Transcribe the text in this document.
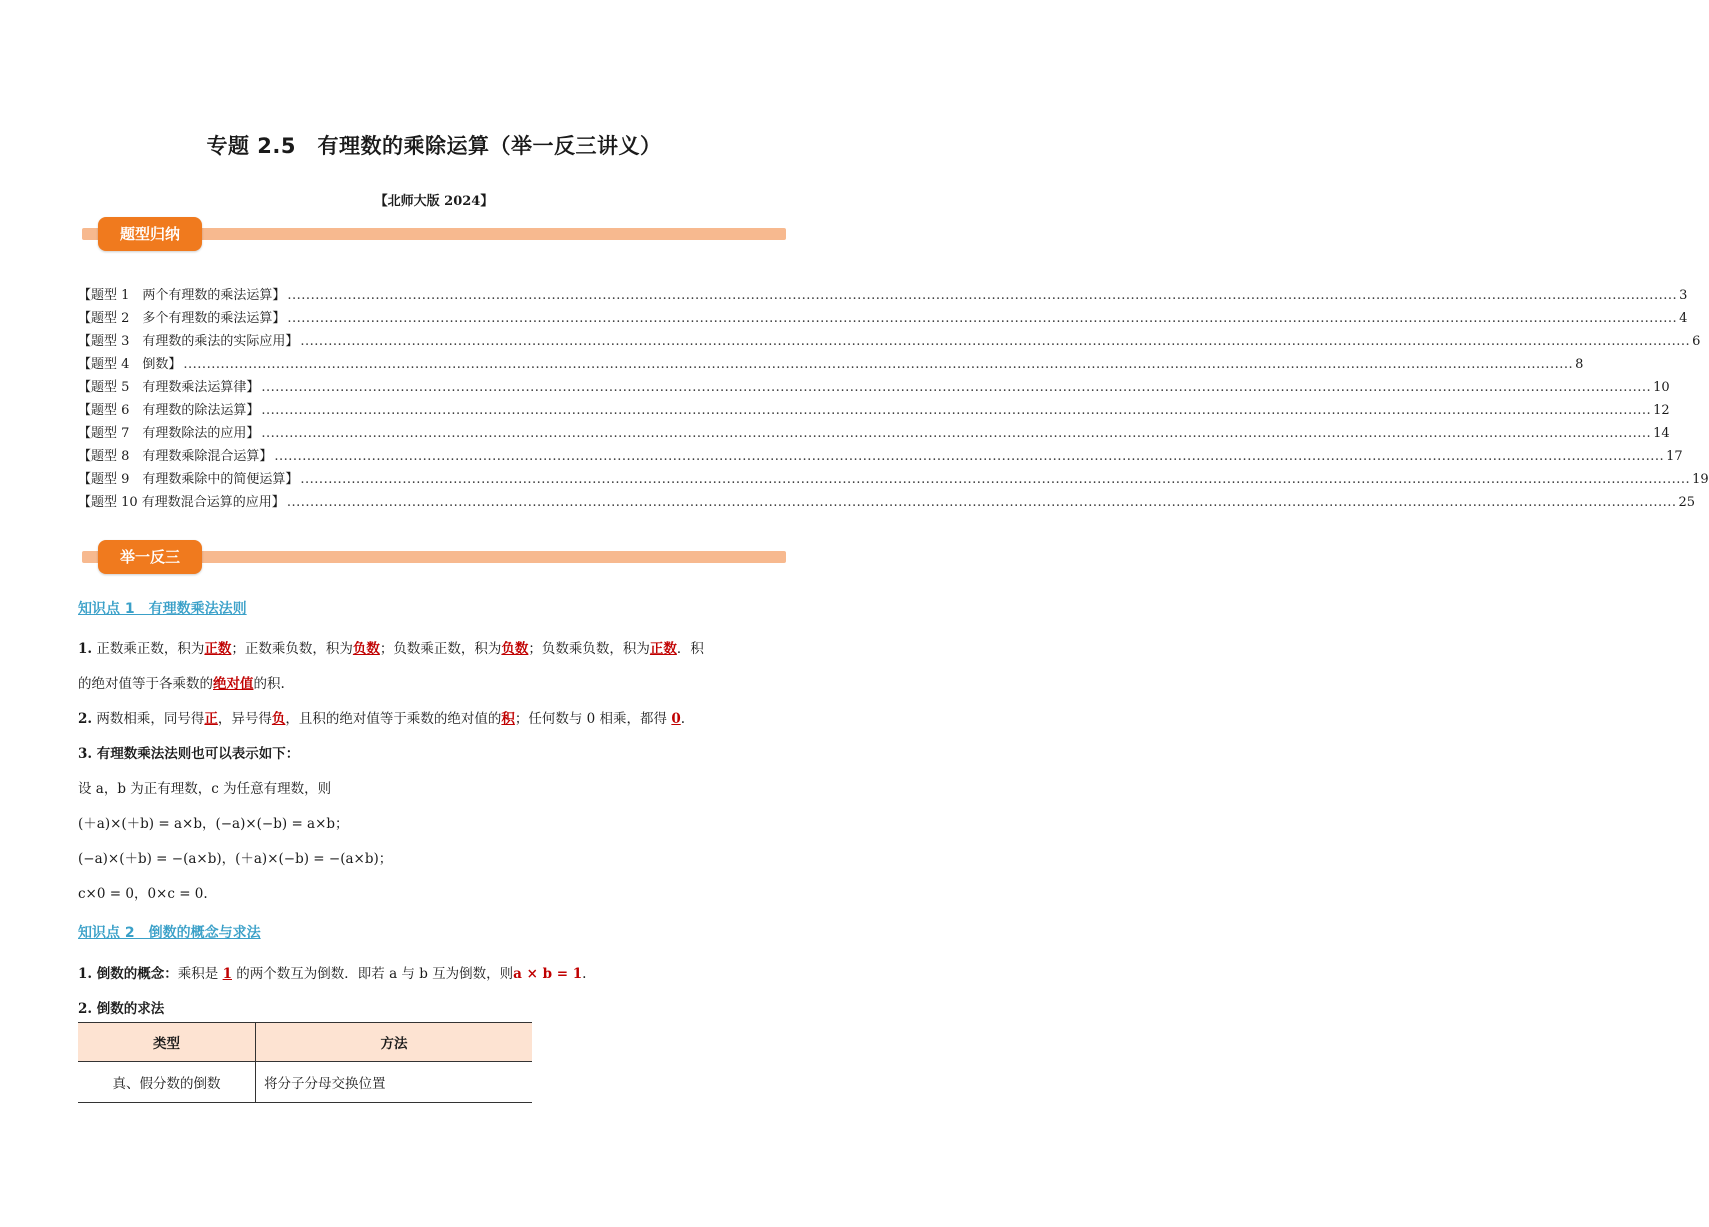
专题 2.5　有理数的乘除运算（举一反三讲义）
【北师大版 2024】
题型归纳
【题型 1　两个有理数的乘法运算】 ............................................................................................................................................................................................................................................................................................................ 3
【题型 2　多个有理数的乘法运算】 ............................................................................................................................................................................................................................................................................................................ 4
【题型 3　有理数的乘法的实际应用】 ............................................................................................................................................................................................................................................................................................................ 6
【题型 4　倒数】 ............................................................................................................................................................................................................................................................................................................ 8
【题型 5　有理数乘法运算律】 ............................................................................................................................................................................................................................................................................................................ 10
【题型 6　有理数的除法运算】 ............................................................................................................................................................................................................................................................................................................ 12
【题型 7　有理数除法的应用】 ............................................................................................................................................................................................................................................................................................................ 14
【题型 8　有理数乘除混合运算】 ............................................................................................................................................................................................................................................................................................................ 17
【题型 9　有理数乘除中的简便运算】 ............................................................................................................................................................................................................................................................................................................ 19
【题型 10 有理数混合运算的应用】 ............................................................................................................................................................................................................................................................................................................ 25
举一反三
知识点 1　有理数乘法法则
1. 正数乘正数，积为正数；正数乘负数，积为负数；负数乘正数，积为负数；负数乘负数，积为正数．积
的绝对值等于各乘数的绝对值的积.
2. 两数相乘，同号得正，异号得负，且积的绝对值等于乘数的绝对值的积；任何数与 0 相乘，都得 0.
3. 有理数乘法法则也可以表示如下：
设 a，b 为正有理数，c 为任意有理数，则
(＋a)×(＋b) = a×b，(−a)×(−b) = a×b；
(−a)×(＋b) = −(a×b)，(＋a)×(−b) = −(a×b)；
c×0 = 0，0×c = 0.
知识点 2　倒数的概念与求法
1. 倒数的概念：乘积是 1 的两个数互为倒数．即若 a 与 b 互为倒数，则a × b = 1.
2. 倒数的求法
类型	方法
真、假分数的倒数	将分子分母交换位置
